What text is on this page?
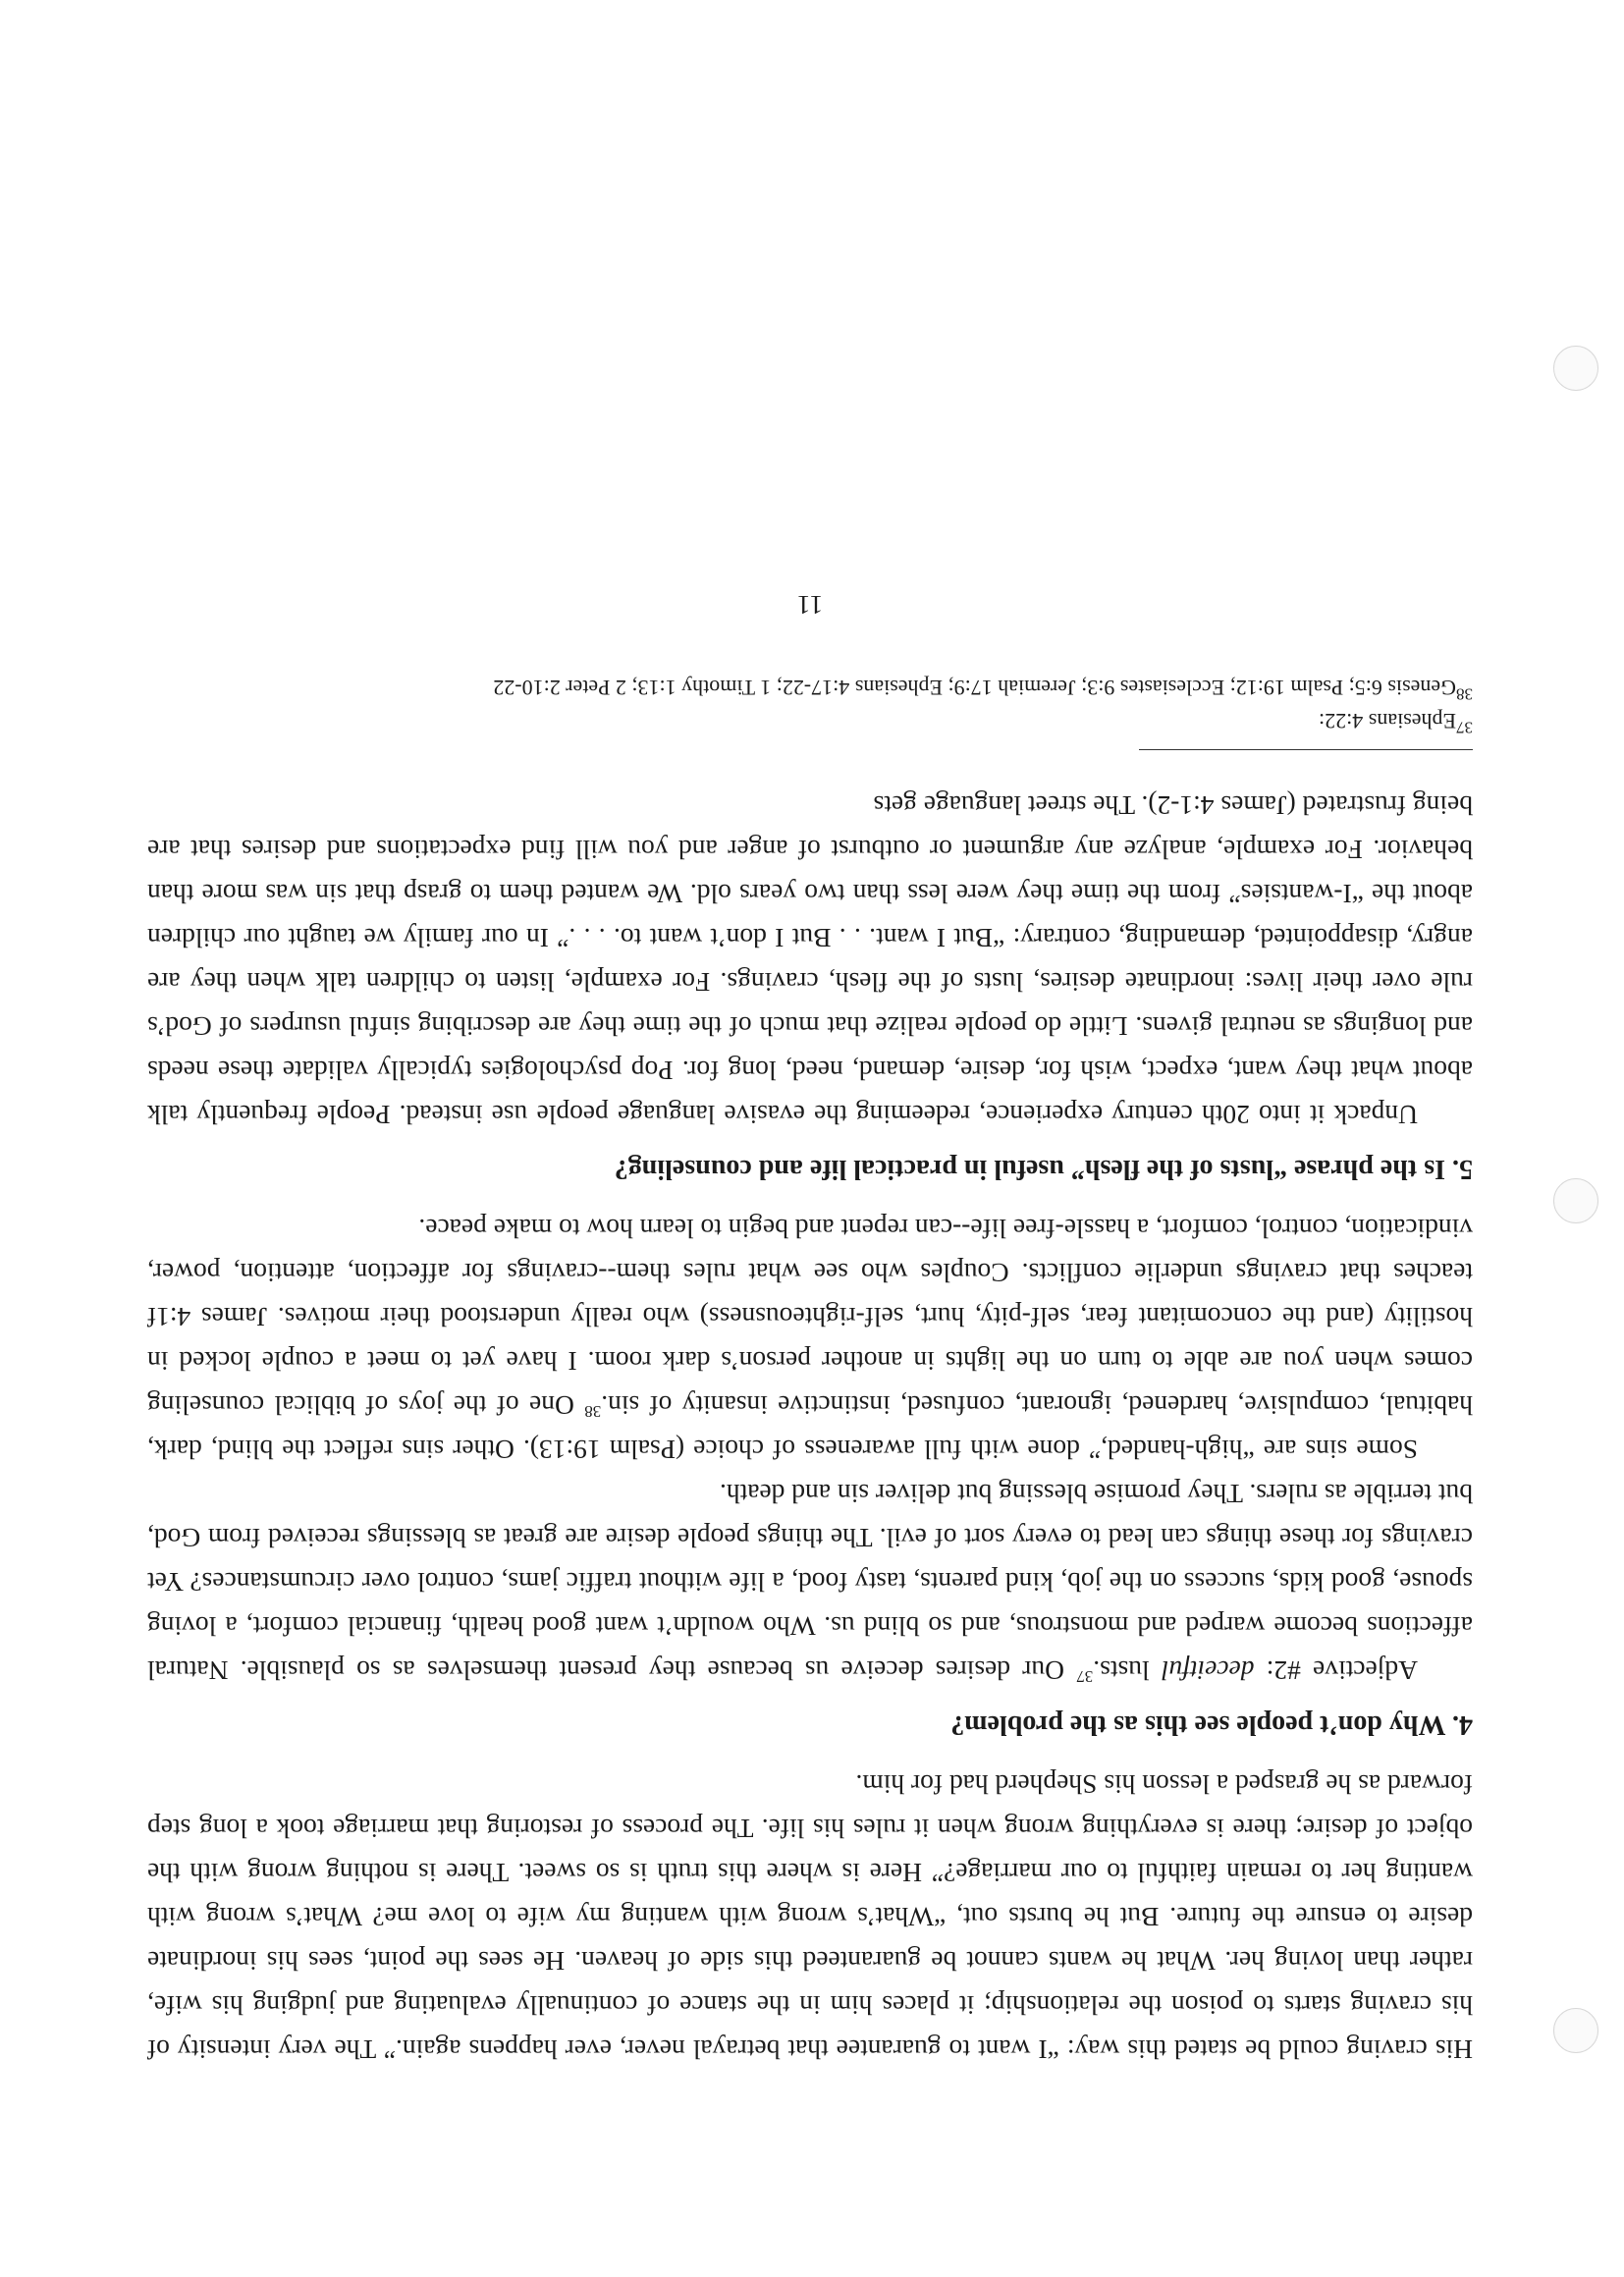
His craving could be stated this way: “I want to guarantee that betrayal never, ever happens again.” The very intensity of his craving starts to poison the relationship; it places him in the stance of continually evaluating and judging his wife, rather than loving her. What he wants cannot be guaranteed this side of heaven. He sees the point, sees his inordinate desire to ensure the future. But he bursts out, “What’s wrong with wanting my wife to love me? What’s wrong with wanting her to remain faithful to our marriage?” Here is where this truth is so sweet. There is nothing wrong with the object of desire; there is everything wrong when it rules his life. The process of restoring that marriage took a long step forward as he grasped a lesson his Shepherd had for him.

4. Why don’t people see this as the problem?

Adjective #2: deceitful lusts.$^{37}$ Our desires deceive us because they present themselves as so plausible. Natural affections become warped and monstrous, and so blind us. Who wouldn’t want good health, financial comfort, a loving spouse, good kids, success on the job, kind parents, tasty food, a life without traffic jams, control over circumstances? Yet cravings for these things can lead to every sort of evil. The things people desire are great as blessings received from God, but terrible as rulers. They promise blessing but deliver sin and death.

Some sins are “high-handed,” done with full awareness of choice (Psalm 19:13). Other sins reflect the blind, dark, habitual, compulsive, hardened, ignorant, confused, instinctive insanity of sin.$^{38}$ One of the joys of biblical counseling comes when you are able to turn on the lights in another person’s dark room. I have yet to meet a couple locked in hostility (and the concomitant fear, self-pity, hurt, self-righteousness) who really understood their motives. James 4:1f teaches that cravings underlie conflicts. Couples who see what rules them--cravings for affection, attention, power, vindication, control, comfort, a hassle-free life--can repent and begin to learn how to make peace.

5. Is the phrase “lusts of the flesh” useful in practical life and counseling?

Unpack it into 20th century experience, redeeming the evasive language people use instead. People frequently talk about what they want, expect, wish for, desire, demand, need, long for. Pop psychologies typically validate these needs and longings as neutral givens. Little do people realize that much of the time they are describing sinful usurpers of God’s rule over their lives: inordinate desires, lusts of the flesh, cravings. For example, listen to children talk when they are angry, disappointed, demanding, contrary: “But I want. . . But I don’t want to. . . .” In our family we taught our children about the “I-wantsies” from the time they were less than two years old. We wanted them to grasp that sin was more than behavior. For example, analyze any argument or outburst of anger and you will find expectations and desires that are being frustrated (James 4:1-2). The street language gets

$^{37}$Ephesians 4:22:

$^{38}$Genesis 6:5; Psalm 19:12; Ecclesiastes 9:3; Jeremiah 17:9; Ephesians 4:17-22; 1 Timothy 1:13; 2 Peter 2:10-22

11
